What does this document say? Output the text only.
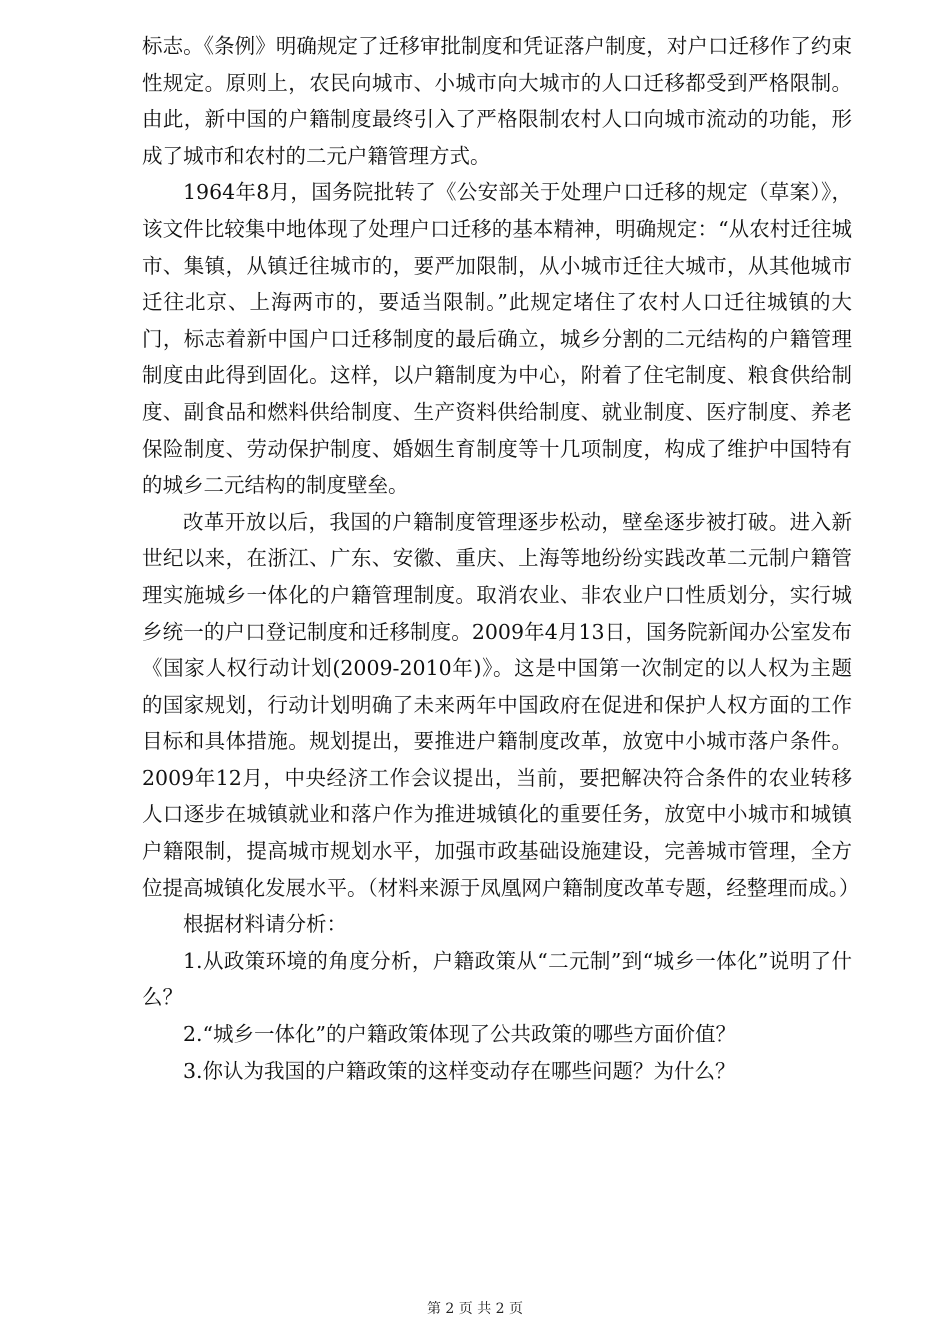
标志。《条例》明确规定了迁移审批制度和凭证落户制度，对户口迁移作了约束性规定。原则上，农民向城市、小城市向大城市的人口迁移都受到严格限制。由此，新中国的户籍制度最终引入了严格限制农村人口向城市流动的功能，形成了城市和农村的二元户籍管理方式。

1964年8月，国务院批转了《公安部关于处理户口迁移的规定（草案）》，该文件比较集中地体现了处理户口迁移的基本精神，明确规定：“从农村迁往城市、集镇，从镇迁往城市的，要严加限制，从小城市迁往大城市，从其他城市迁往北京、上海两市的，要适当限制。”此规定堵住了农村人口迁往城镇的大门，标志着新中国户口迁移制度的最后确立，城乡分割的二元结构的户籍管理制度由此得到固化。这样，以户籍制度为中心，附着了住宅制度、粮食供给制度、副食品和燃料供给制度、生产资料供给制度、就业制度、医疗制度、养老保险制度、劳动保护制度、婚姻生育制度等十几项制度，构成了维护中国特有的城乡二元结构的制度壁垒。

改革开放以后，我国的户籍制度管理逐步松动，壁垒逐步被打破。进入新世纪以来，在浙江、广东、安徽、重庆、上海等地纷纷实践改革二元制户籍管理实施城乡一体化的户籍管理制度。取消农业、非农业户口性质划分，实行城乡统一的户口登记制度和迁移制度。2009年4月13日，国务院新闻办公室发布《国家人权行动计划(2009-2010年)》。这是中国第一次制定的以人权为主题的国家规划，行动计划明确了未来两年中国政府在促进和保护人权方面的工作目标和具体措施。规划提出，要推进户籍制度改革，放宽中小城市落户条件。2009年12月，中央经济工作会议提出，当前，要把解决符合条件的农业转移人口逐步在城镇就业和落户作为推进城镇化的重要任务，放宽中小城市和城镇户籍限制，提高城市规划水平，加强市政基础设施建设，完善城市管理，全方位提高城镇化发展水平。（材料来源于凤凰网户籍制度改革专题，经整理而成。）

根据材料请分析：

1.从政策环境的角度分析，户籍政策从“二元制”到“城乡一体化”说明了什么？

2.“城乡一体化”的户籍政策体现了公共政策的哪些方面价值？

3.你认为我国的户籍政策的这样变动存在哪些问题？为什么？

第 2 页 共 2 页
